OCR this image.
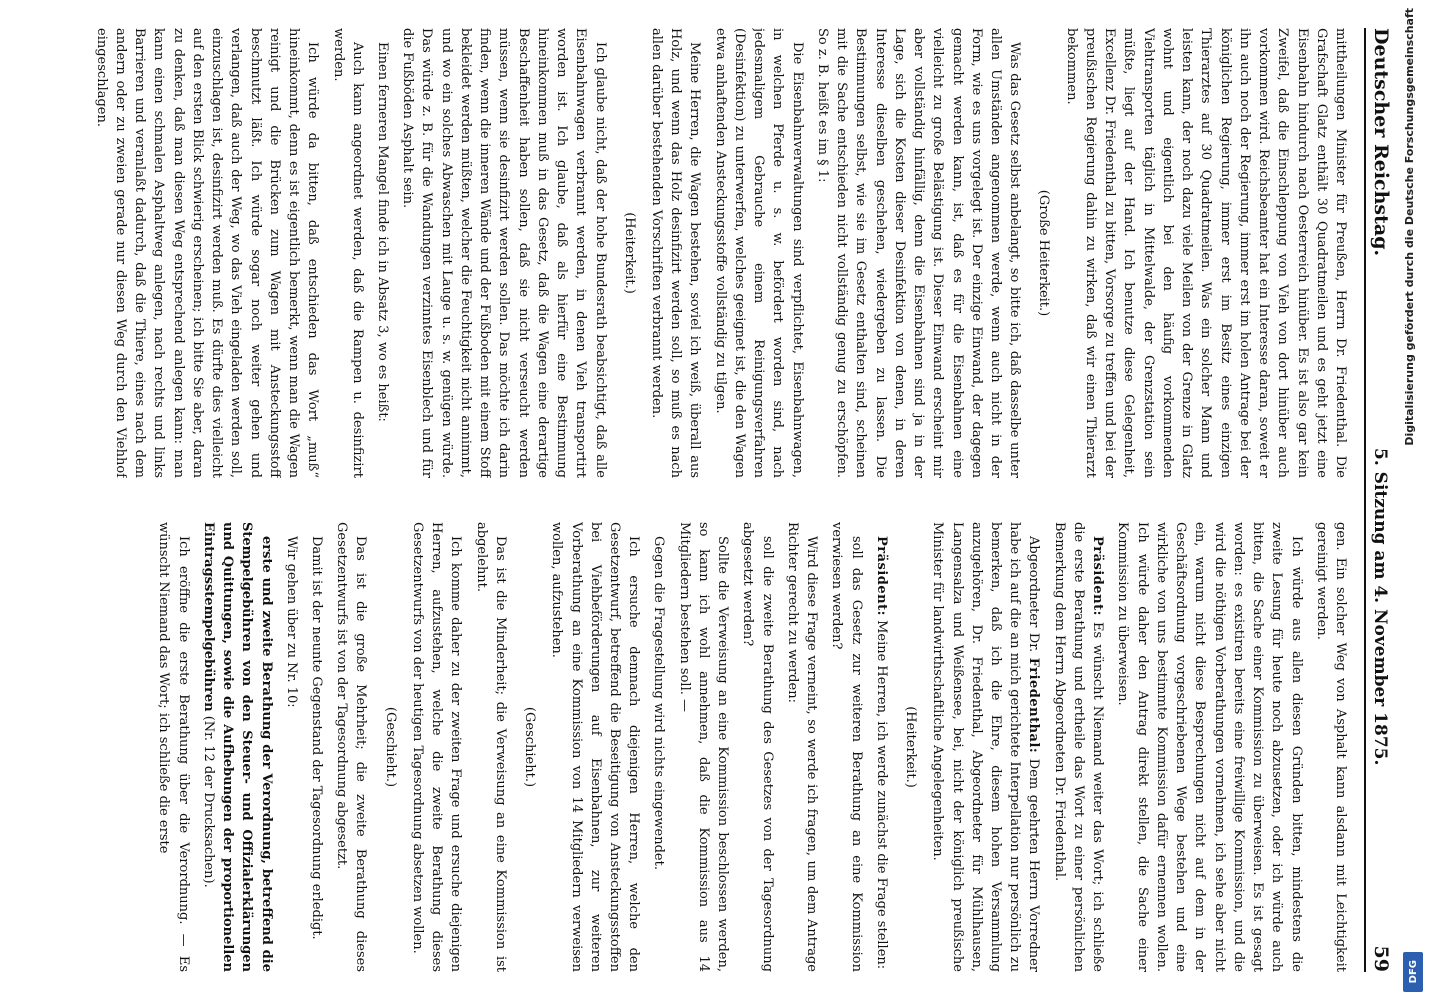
Deutscher Reichstag.
5. Sitzung am 4. November 1875.
59

mittheilungen Minister für Preußen, Herrn Dr. Friedenthal. Die Grafschaft Glatz enthält 30 Quadratmeilen und es geht jetzt eine Eisenbahn hindurch nach Oesterreich hinüber. Es ist also gar kein Zweifel, daß die Einschleppung von Vieh von dort hinüber auch vorkommen wird. Reichsbeamter hat ein Interesse daran, soweit er ihn auch noch der Regierung, immer erst im holen Antrage bei der königlichen Regierung, immer erst im Besitz eines einzigen Thierarztes auf 30 Quadratmeilen. Was ein solcher Mann und leisten kann, der noch dazu viele Meilen von der Grenze in Glatz wohnt und eigentlich bei den häufig vorkommenden Viehtransporten täglich in Mittelwalde, der Grenzstation sein müßte, liegt auf der Hand. Ich benutze diese Gelegenheit, Excellenz Dr. Friedenthal zu bitten, Vorsorge zu treffen und bei der preußischen Regierung dahin zu wirken, daß wir einen Thierarzt bekommen.

(Große Heiterkeit.)

Was das Gesetz selbst anbelangt, so bitte ich, daß dasselbe unter allen Umständen angenommen werde, wenn auch nicht in der Form, wie es uns vorgelegt ist. Der einzige Einwand, der dagegen gemacht werden kann, ist, daß es für die Eisenbahnen eine vielleicht zu große Belästigung ist. Dieser Einwand erscheint mir aber vollständig hinfällig, denn die Eisenbahnen sind ja in der Lage, sich die Kosten dieser Desinfektion von denen, in deren Interesse dieselben geschehen, wiedergeben zu lassen. Die Bestimmungen selbst, wie sie im Gesetz enthalten sind, scheinen mit die Sache entschieden nicht vollständig genug zu erschöpfen. So z. B. heißt es im § 1:

Die Eisenbahnverwaltungen sind verpflichtet, Eisenbahnwagen, in welchen Pferde u. s. w. befördert worden sind, nach jedesmaligem Gebrauche einem Reinigungsverfahren (Desinfektion) zu unterwerfen, welches geeignet ist, die den Wagen etwa anhaftenden Ansteckungsstoffe vollständig zu tilgen.

Meine Herren, die Wagen bestehen, soviel ich weiß, überall aus Holz, und wenn das Holz desinfizirt werden soll, so muß es nach allen darüber bestehenden Vorschriften verbrannt werden.

(Heiterkeit.)

Ich glaube nicht, daß der hohe Bundesrath beabsichtigt, daß alle Eisenbahnwagen verbrannt werden, in denen Vieh transportirt worden ist. Ich glaube, daß als hierfür eine Bestimmung hineinkommen muß in das Gesetz, daß die Wagen eine derartige Beschaffenheit haben sollen, daß sie nicht verseucht werden müssen, wenn sie desinfizirt werden sollen. Das möchte ich darin finden, wenn die inneren Wände und der Fußboden mit einem Stoff bekleidet werden müßten, welcher die Feuchtigkeit nicht annimmt, und wo ein solches Abwaschen mit Lauge u. s. w. genügen würde. Das würde z. B. für die Wandungen verzinntes Eisenblech und für die Fußböden Asphalt sein.

Einen ferneren Mangel finde ich in Absatz 3, wo es heißt:

Auch kann angeordnet werden, daß die Rampen u. desinfizirt werden.

Ich würde da bitten, daß entschieden das Wort „muß“ hineinkommt, denn es ist eigentlich bemerkt, wenn man die Wagen reinigt und die Brücken zum Wagen mit Ansteckungsstoff beschmutzt läßt. Ich würde sogar noch weiter gehen und verlangen, daß auch der Weg, wo das Vieh eingeladen werden soll, einzuschlagen ist, desinfizirt werden muß. Es dürfte dies vielleicht auf den ersten Blick schwierig erscheinen; ich bitte Sie aber, daran zu denken, daß man diesen Weg entsprechend anlegen kann: man kann einen schmalen Asphaltweg anlegen, nach rechts und links Barrieren und veranlaßt dadurch, daß die Thiere, eines nach dem andern oder zu zweien gerade nur diesen Weg durch den Viehhof eingeschlagen.

gen. Ein solcher Weg von Asphalt kann alsdann mit Leichtigkeit gereinigt werden.

Ich würde aus allen diesen Gründen bitten, mindestens die zweite Lesung für heute noch abzusetzen, oder ich würde auch bitten, die Sache einer Kommission zu überweisen. Es ist gesagt worden: es existiren bereits eine freiwillige Kommission, und die wird die nöthigen Vorberathungen vornehmen, ich sehe aber nicht ein, warum nicht diese Besprechungen nicht auf dem in der Geschäftsordnung vorgeschriebenen Wege bestehen und eine wirkliche von uns bestimmte Kommission dafür ernennen wollen. Ich würde daher den Antrag direkt stellen, die Sache einer Kommission zu überweisen.

Präsident: Es wünscht Niemand weiter das Wort; ich schließe die erste Berathung und ertheile das Wort zu einer persönlichen Bemerkung dem Herrn Abgeordneten Dr. Friedenthal.

Abgeordneter Dr. Friedenthal: Dem geehrten Herrn Vorredner habe ich auf die an mich gerichtete Interpellation nur persönlich zu bemerken, daß ich die Ehre, diesem hohen Versammlung anzugehören, Dr. Friedenthal, Abgeordneter für Mühlhausen, Langensalza und Weißensee, bei, nicht der königlich preußische Minister für landwirthschaftliche Angelegenheiten.

(Heiterkeit.)

Präsident: Meine Herren, ich werde zunächst die Frage stellen:

soll das Gesetz zur weiteren Berathung an eine Kommission verwiesen werden?

Wird diese Frage verneint, so werde ich fragen, um dem Antrage Richter gerecht zu werden:

soll die zweite Berathung des Gesetzes von der Tagesordnung abgesetzt werden?

Sollte die Verweisung an eine Kommission beschlossen werden, so kann ich wohl annehmen, daß die Kommission aus 14 Mitgliedern bestehen soll. —

Gegen die Fragestellung wird nichts eingewendet.

Ich ersuche demnach diejenigen Herren, welche den Gesetzentwurf, betreffend die Beseitigung von Ansteckungsstoffen bei Viehbeförderungen auf Eisenbahnen, zur weiteren Vorberathung an eine Kommission von 14 Mitgliedern verweisen wollen, aufzustehen.

(Geschieht.)

Das ist die Minderheit; die Verweisung an eine Kommission ist abgelehnt.

Ich komme daher zu der zweiten Frage und ersuche diejenigen Herren, aufzustehen, welche die zweite Berathung dieses Gesetzentwurfs von der heutigen Tagesordnung absetzen wollen.

(Geschieht.)

Das ist die große Mehrheit; die zweite Berathung dieses Gesetzentwurfs ist von der Tagesordnung abgesetzt.

Damit ist der neunte Gegenstand der Tagesordnung erledigt.

Wir gehen über zu Nr. 10:

erste und zweite Berathung der Verordnung, betreffend die Stempelgebühren von den Steuer- und Offizialerklärungen und Quittungen, sowie die Aufhebungen der proportionellen Eintragsstempelgebühren (Nr. 12 der Drucksachen).

Ich eröffne die erste Berathung über die Verordnung. — Es wünscht Niemand das Wort; ich schließe die erste

Digitalisierung gefördert durch die Deutsche Forschungsgemeinschaft
DFG
